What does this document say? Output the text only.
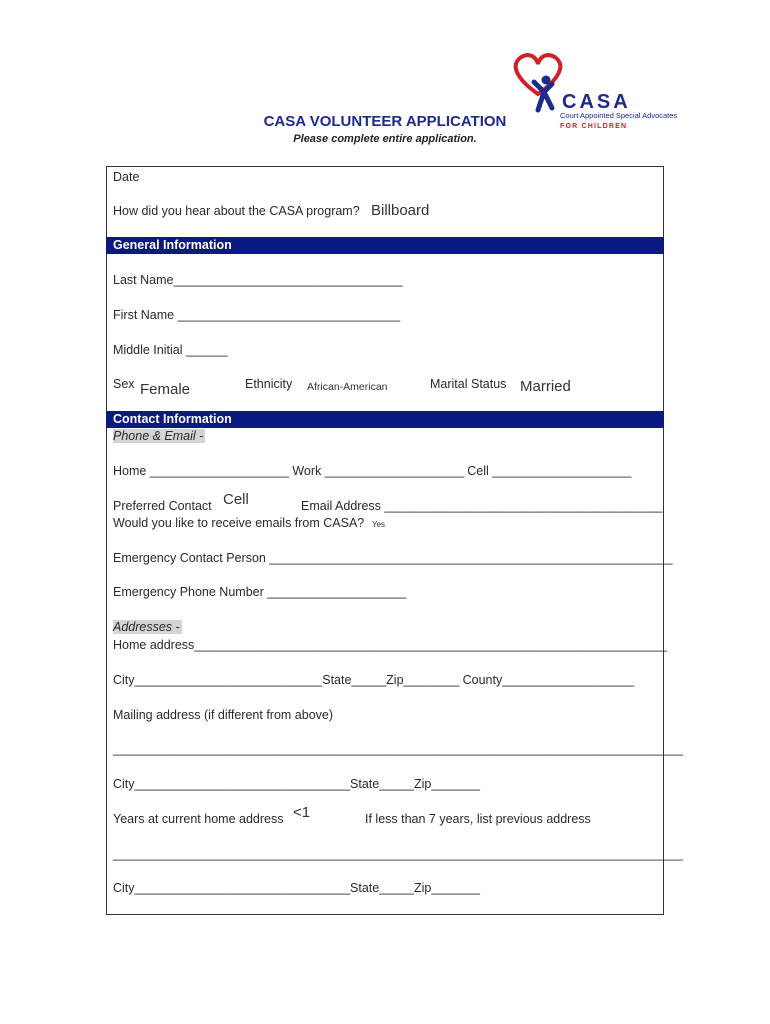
CASA
Court Appointed Special Advocates
FOR CHILDREN
CASA VOLUNTEER APPLICATION
Please complete entire application.
Date
How did you hear about the CASA program? Billboard
General Information
Last Name_________________________________
First Name ________________________________
Middle Initial ______
Sex Female	Ethnicity African-American	Marital Status Married
Contact Information
Phone & Email -
Home ____________________ Work ____________________ Cell ____________________
Preferred Contact Cell	Email Address ________________________________________
Would you like to receive emails from CASA? Yes
Emergency Contact Person __________________________________________________________
Emergency Phone Number ____________________
Addresses -
Home address____________________________________________________________________
City___________________________State_____Zip________ County___________________
Mailing address (if different from above)
__________________________________________________________________________________
City_______________________________State_____Zip_______
Years at current home address <1	If less than 7 years, list previous address
__________________________________________________________________________________
City_______________________________State_____Zip_______
